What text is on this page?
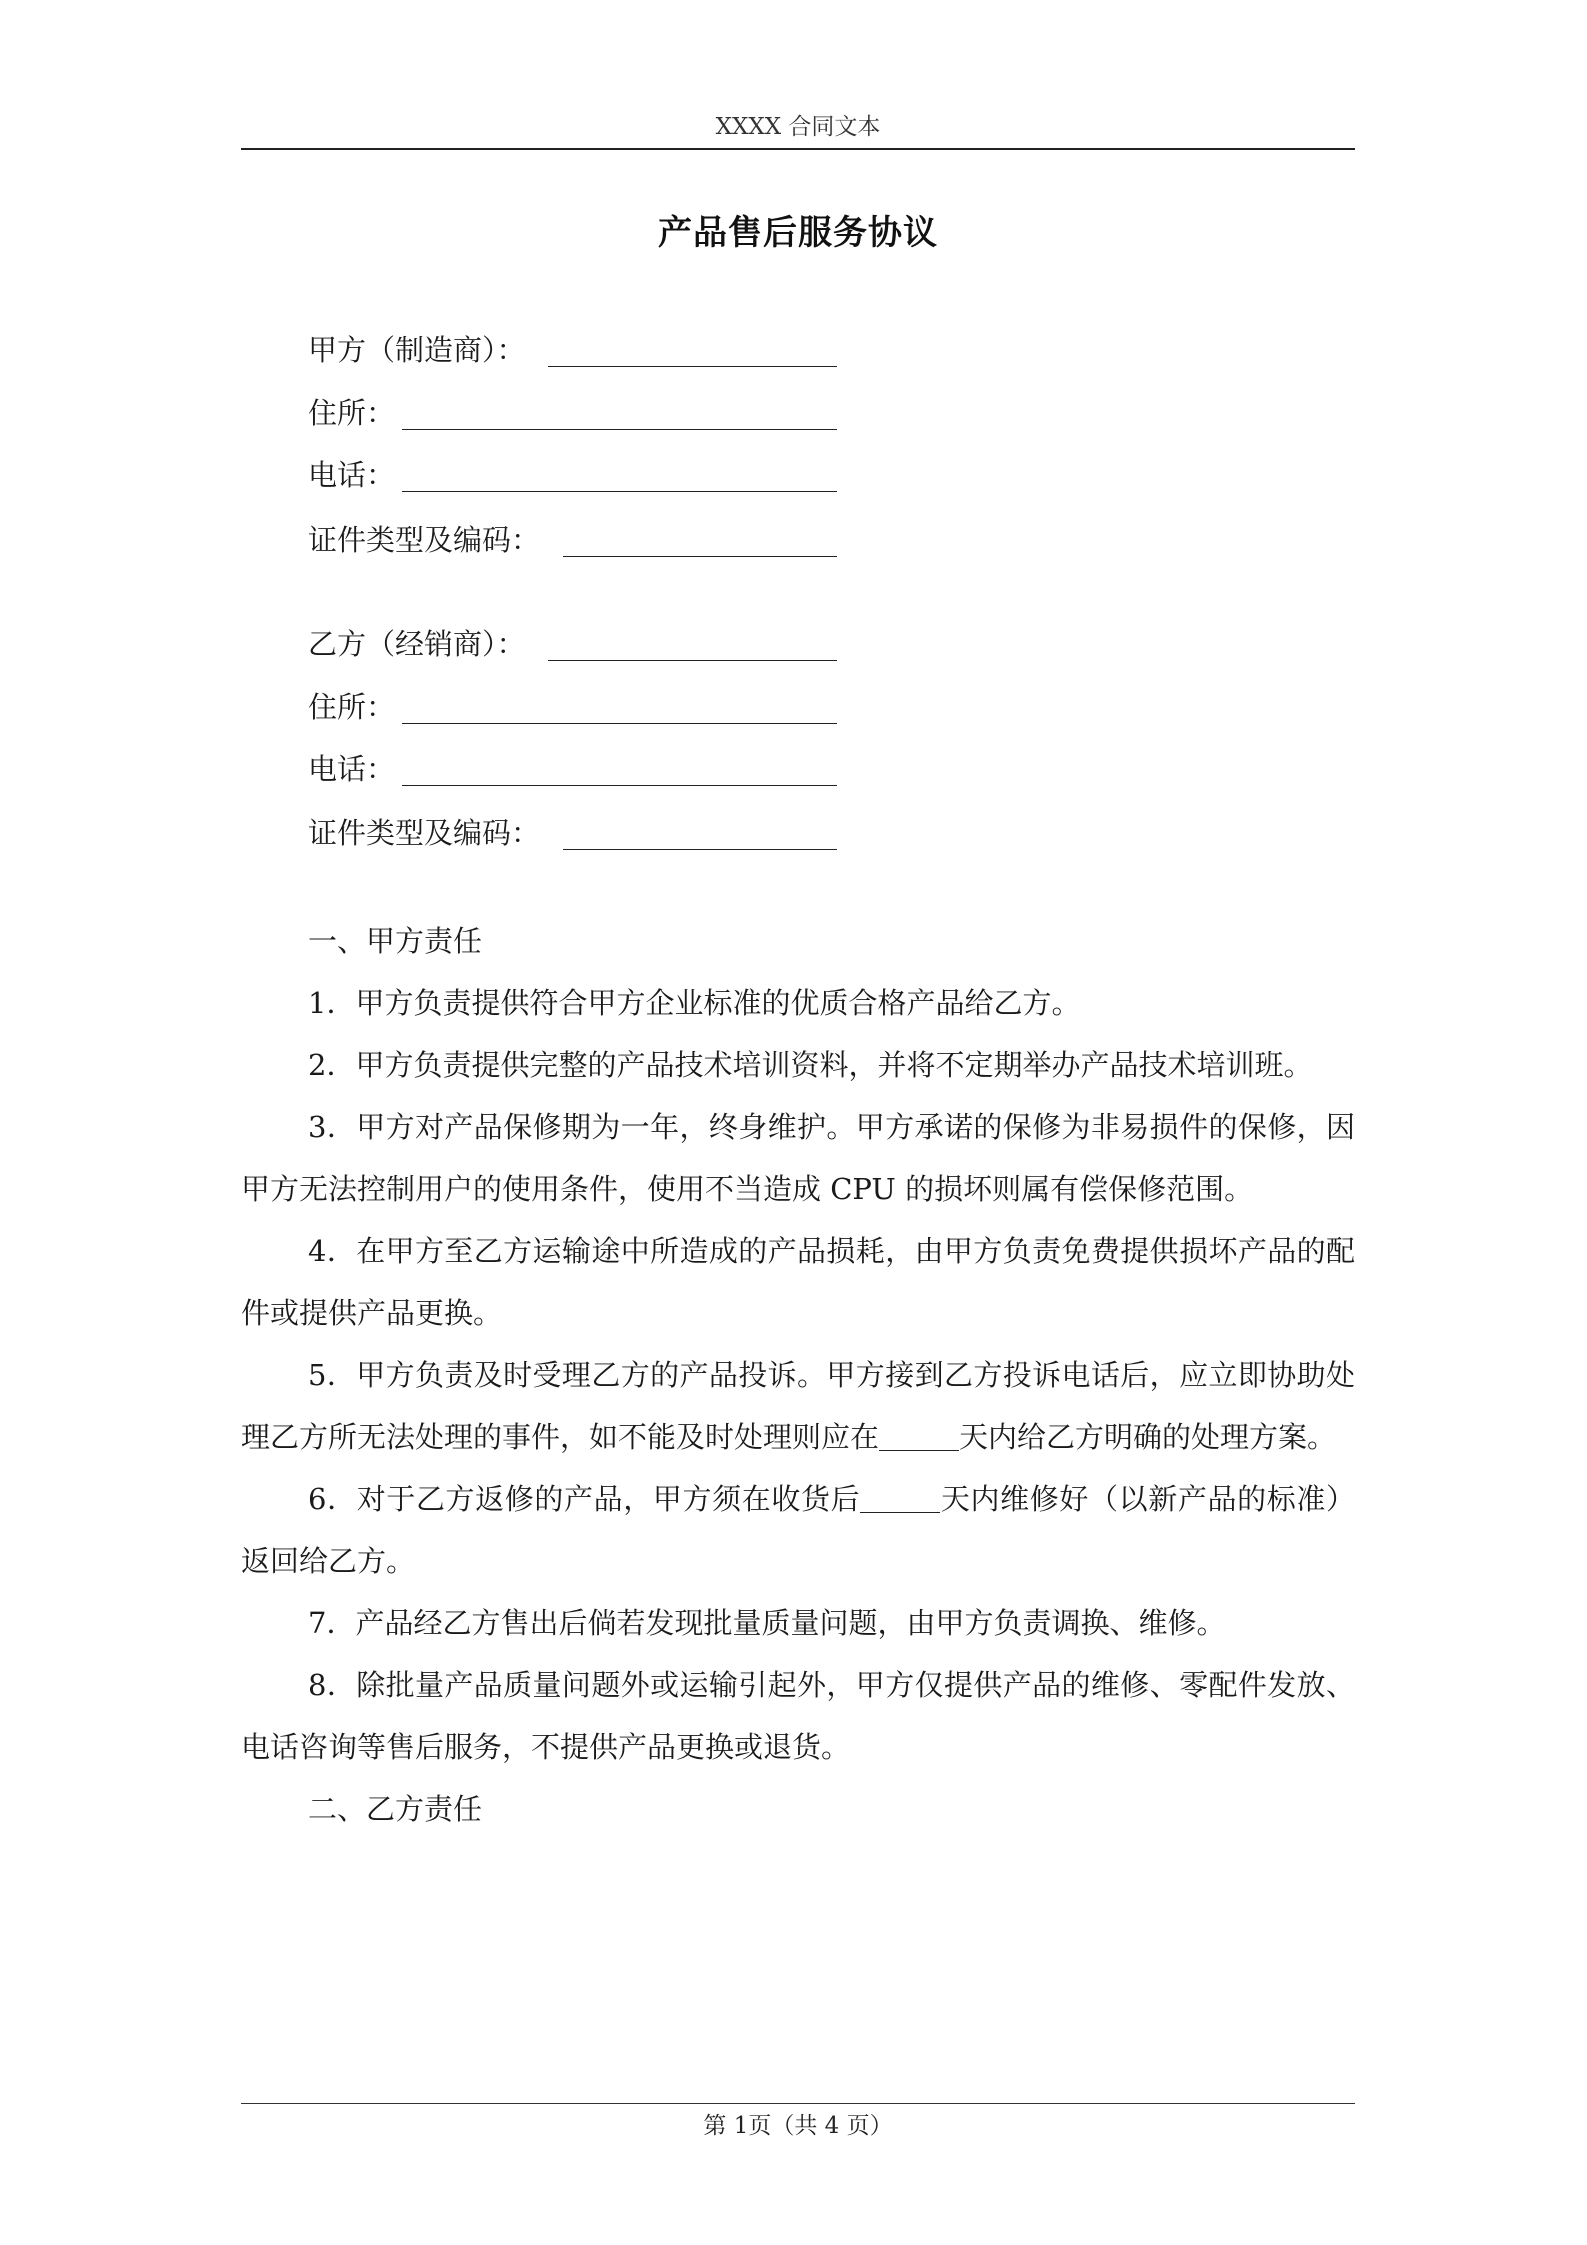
XXXX 合同文本
产品售后服务协议
甲方（制造商）：
住所：
电话：
证件类型及编码：
乙方（经销商）：
住所：
电话：
证件类型及编码：

一、甲方责任

1．甲方负责提供符合甲方企业标准的优质合格产品给乙方。

2．甲方负责提供完整的产品技术培训资料，并将不定期举办产品技术培训班。

3．甲方对产品保修期为一年，终身维护。甲方承诺的保修为非易损件的保修，因甲方无法控制用户的使用条件，使用不当造成 CPU 的损坏则属有偿保修范围。

4．在甲方至乙方运输途中所造成的产品损耗，由甲方负责免费提供损坏产品的配件或提供产品更换。

5．甲方负责及时受理乙方的产品投诉。甲方接到乙方投诉电话后，应立即协助处理乙方所无法处理的事件，如不能及时处理则应在	天内给乙方明确的处理方案。

6．对于乙方返修的产品，甲方须在收货后	天内维修好（以新产品的标准）返回给乙方。

7．产品经乙方售出后倘若发现批量质量问题，由甲方负责调换、维修。

8．除批量产品质量问题外或运输引起外，甲方仅提供产品的维修、零配件发放、电话咨询等售后服务，不提供产品更换或退货。

二、乙方责任

第 1页（共 4 页）
